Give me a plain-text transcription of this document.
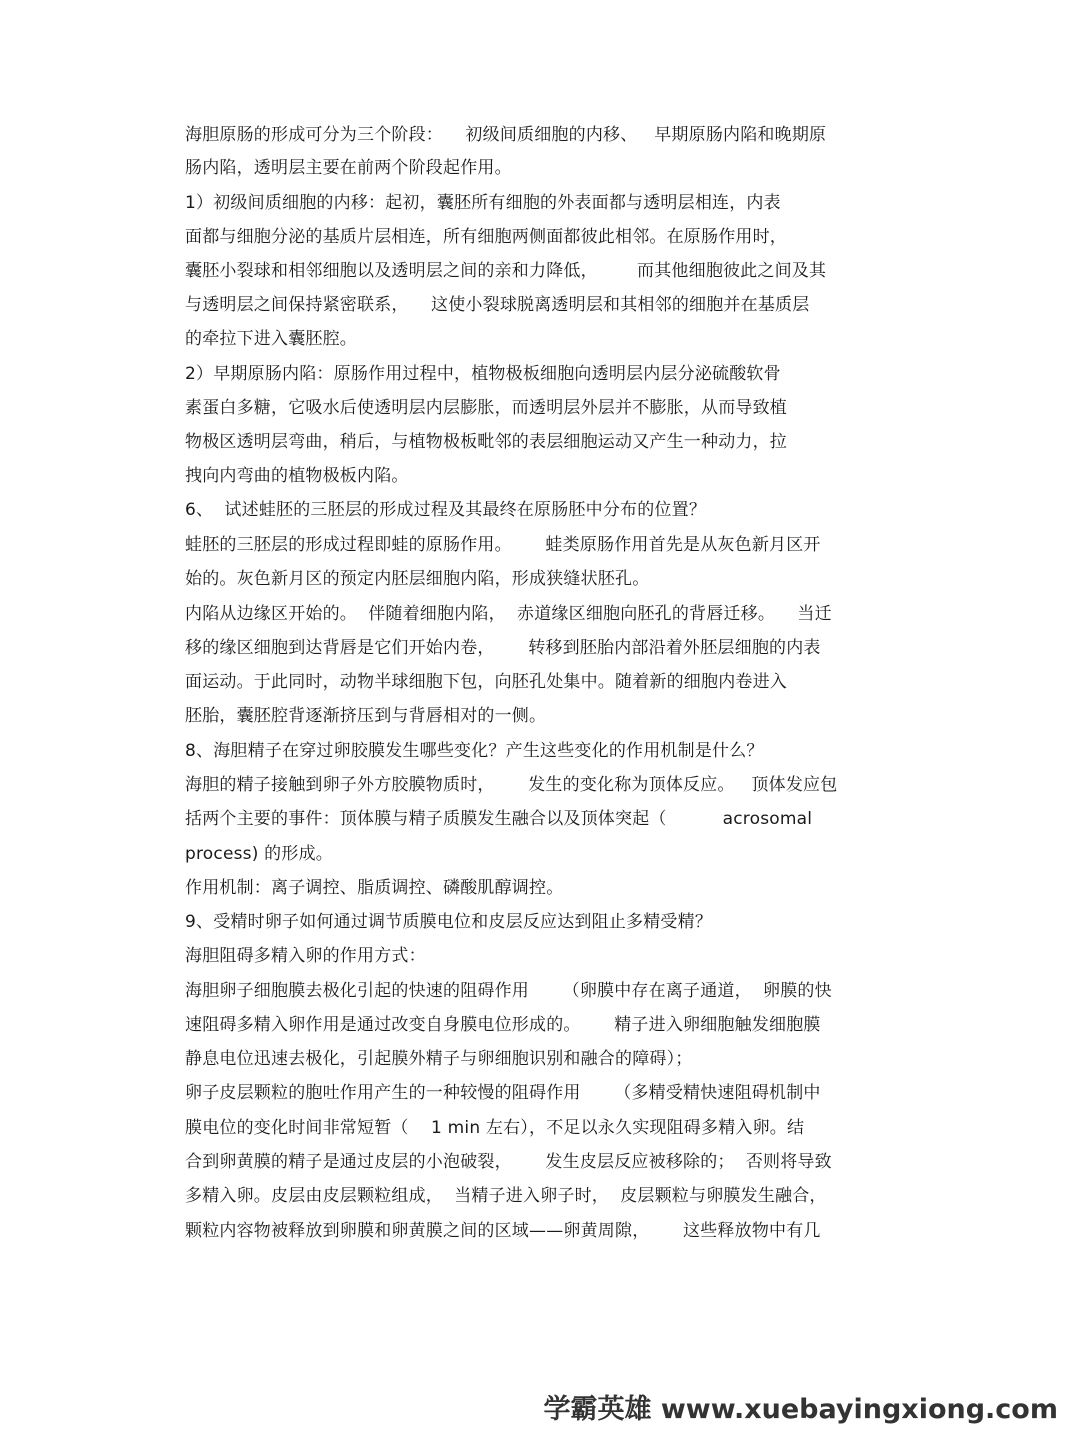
海胆原肠的形成可分为三个阶段：    初级间质细胞的内移、   早期原肠内陷和晚期原
肠内陷，透明层主要在前两个阶段起作用。
1）初级间质细胞的内移：起初，囊胚所有细胞的外表面都与透明层相连，内表
面都与细胞分泌的基质片层相连，所有细胞两侧面都彼此相邻。在原肠作用时，
囊胚小裂球和相邻细胞以及透明层之间的亲和力降低，       而其他细胞彼此之间及其
与透明层之间保持紧密联系，    这使小裂球脱离透明层和其相邻的细胞并在基质层
的牵拉下进入囊胚腔。
2）早期原肠内陷：原肠作用过程中，植物极板细胞向透明层内层分泌硫酸软骨
素蛋白多糖，它吸水后使透明层内层膨胀，而透明层外层并不膨胀，从而导致植
物极区透明层弯曲，稍后，与植物极板毗邻的表层细胞运动又产生一种动力，拉
拽向内弯曲的植物极板内陷。
6、  试述蛙胚的三胚层的形成过程及其最终在原肠胚中分布的位置？
蛙胚的三胚层的形成过程即蛙的原肠作用。      蛙类原肠作用首先是从灰色新月区开
始的。灰色新月区的预定内胚层细胞内陷，形成狭缝状胚孔。
内陷从边缘区开始的。  伴随着细胞内陷，  赤道缘区细胞向胚孔的背唇迁移。    当迁
移的缘区细胞到达背唇是它们开始内卷，      转移到胚胎内部沿着外胚层细胞的内表
面运动。于此同时，动物半球细胞下包，向胚孔处集中。随着新的细胞内卷进入
胚胎，囊胚腔背逐渐挤压到与背唇相对的一侧。
8、海胆精子在穿过卵胶膜发生哪些变化？产生这些变化的作用机制是什么？
海胆的精子接触到卵子外方胶膜物质时，      发生的变化称为顶体反应。   顶体发应包
括两个主要的事件：顶体膜与精子质膜发生融合以及顶体突起（          acrosomal
process) 的形成。
作用机制：离子调控、脂质调控、磷酸肌醇调控。
9、受精时卵子如何通过调节质膜电位和皮层反应达到阻止多精受精？
海胆阻碍多精入卵的作用方式：
海胆卵子细胞膜去极化引起的快速的阻碍作用      （卵膜中存在离子通道，  卵膜的快
速阻碍多精入卵作用是通过改变自身膜电位形成的。      精子进入卵细胞触发细胞膜
静息电位迅速去极化，引起膜外精子与卵细胞识别和融合的障碍）；
卵子皮层颗粒的胞吐作用产生的一种较慢的阻碍作用      （多精受精快速阻碍机制中
膜电位的变化时间非常短暂（    1 min 左右），不足以永久实现阻碍多精入卵。结
合到卵黄膜的精子是通过皮层的小泡破裂，      发生皮层反应被移除的；  否则将导致
多精入卵。皮层由皮层颗粒组成，  当精子进入卵子时，  皮层颗粒与卵膜发生融合，
颗粒内容物被释放到卵膜和卵黄膜之间的区域——卵黄周隙，      这些释放物中有几
学霸英雄 www.xuebayingxiong.com
